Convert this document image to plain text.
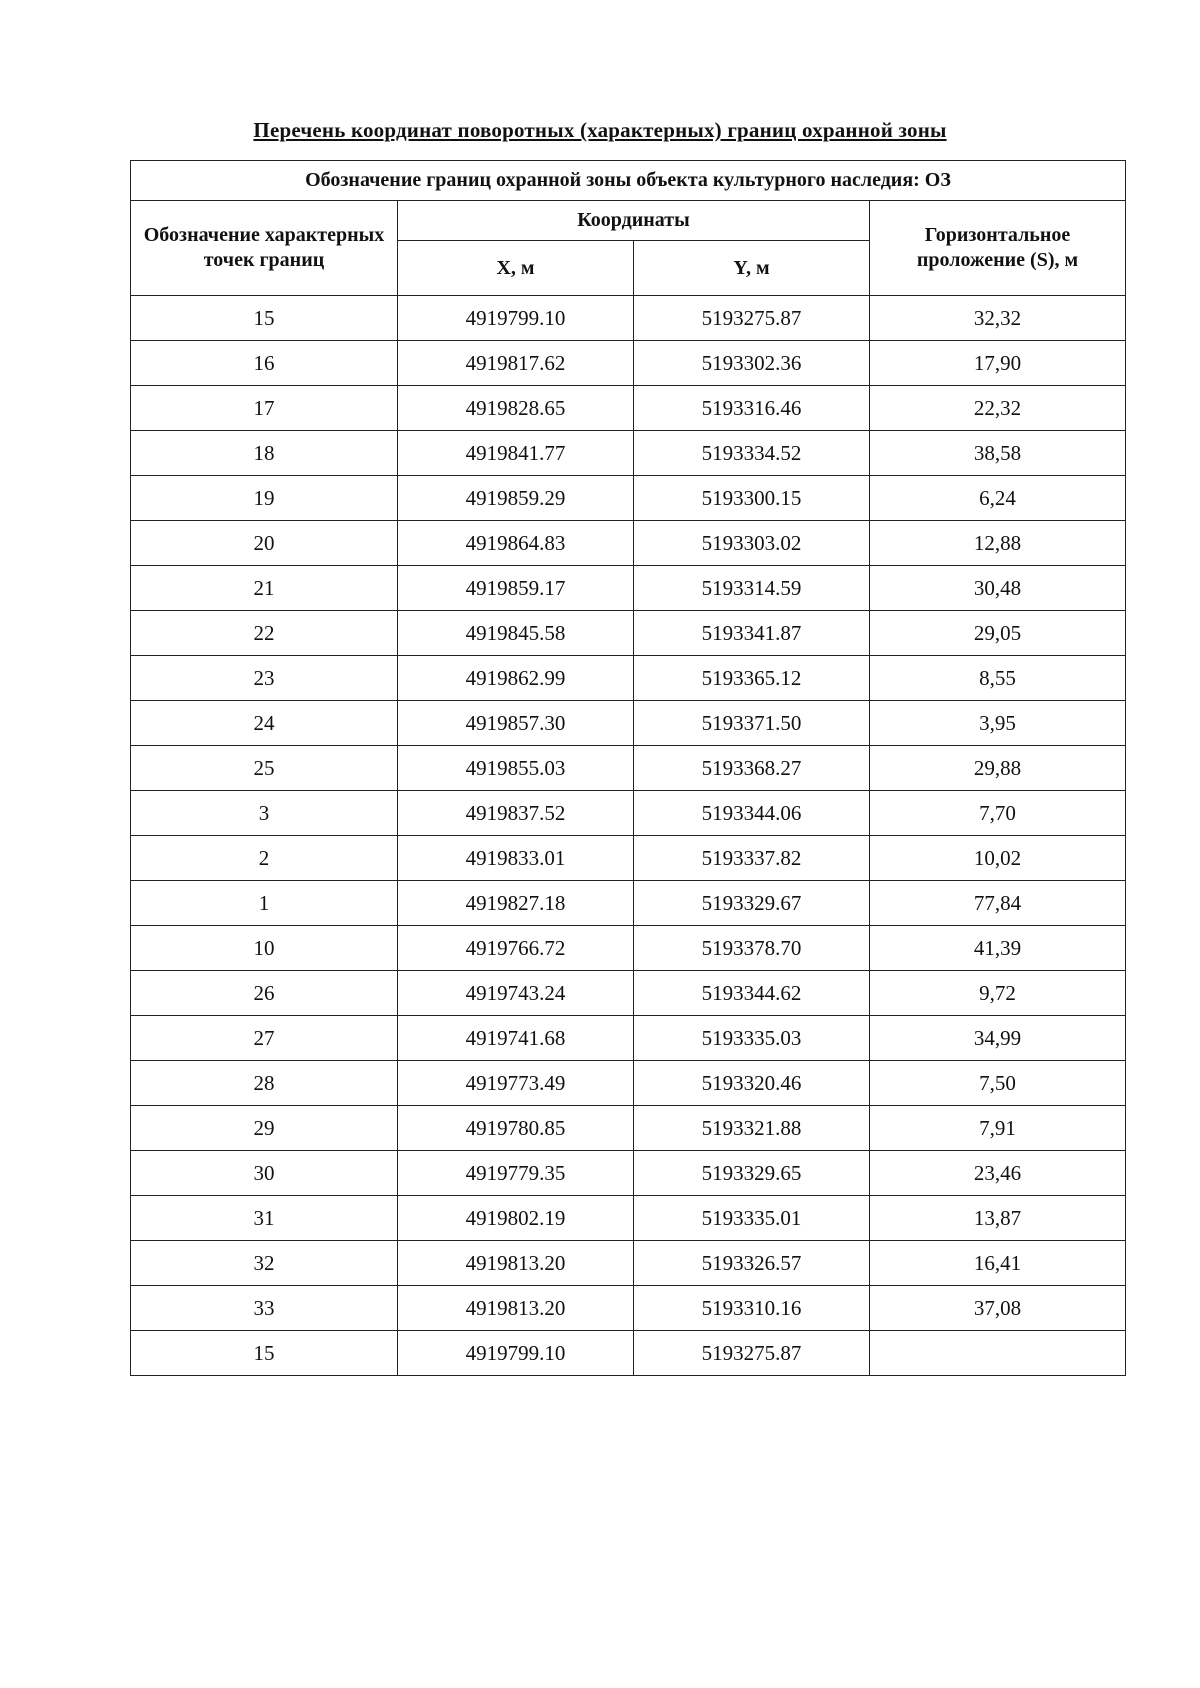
Перечень координат поворотных (характерных) границ охранной зоны
Обозначение границ охранной зоны объекта культурного наследия: ОЗ			
Обозначение характерных точек границ	Координаты		Горизонтальное проложение (S), м
	X, м	Y, м	
15	4919799.10	5193275.87	32,32
16	4919817.62	5193302.36	17,90
17	4919828.65	5193316.46	22,32
18	4919841.77	5193334.52	38,58
19	4919859.29	5193300.15	6,24
20	4919864.83	5193303.02	12,88
21	4919859.17	5193314.59	30,48
22	4919845.58	5193341.87	29,05
23	4919862.99	5193365.12	8,55
24	4919857.30	5193371.50	3,95
25	4919855.03	5193368.27	29,88
3	4919837.52	5193344.06	7,70
2	4919833.01	5193337.82	10,02
1	4919827.18	5193329.67	77,84
10	4919766.72	5193378.70	41,39
26	4919743.24	5193344.62	9,72
27	4919741.68	5193335.03	34,99
28	4919773.49	5193320.46	7,50
29	4919780.85	5193321.88	7,91
30	4919779.35	5193329.65	23,46
31	4919802.19	5193335.01	13,87
32	4919813.20	5193326.57	16,41
33	4919813.20	5193310.16	37,08
15	4919799.10	5193275.87	
